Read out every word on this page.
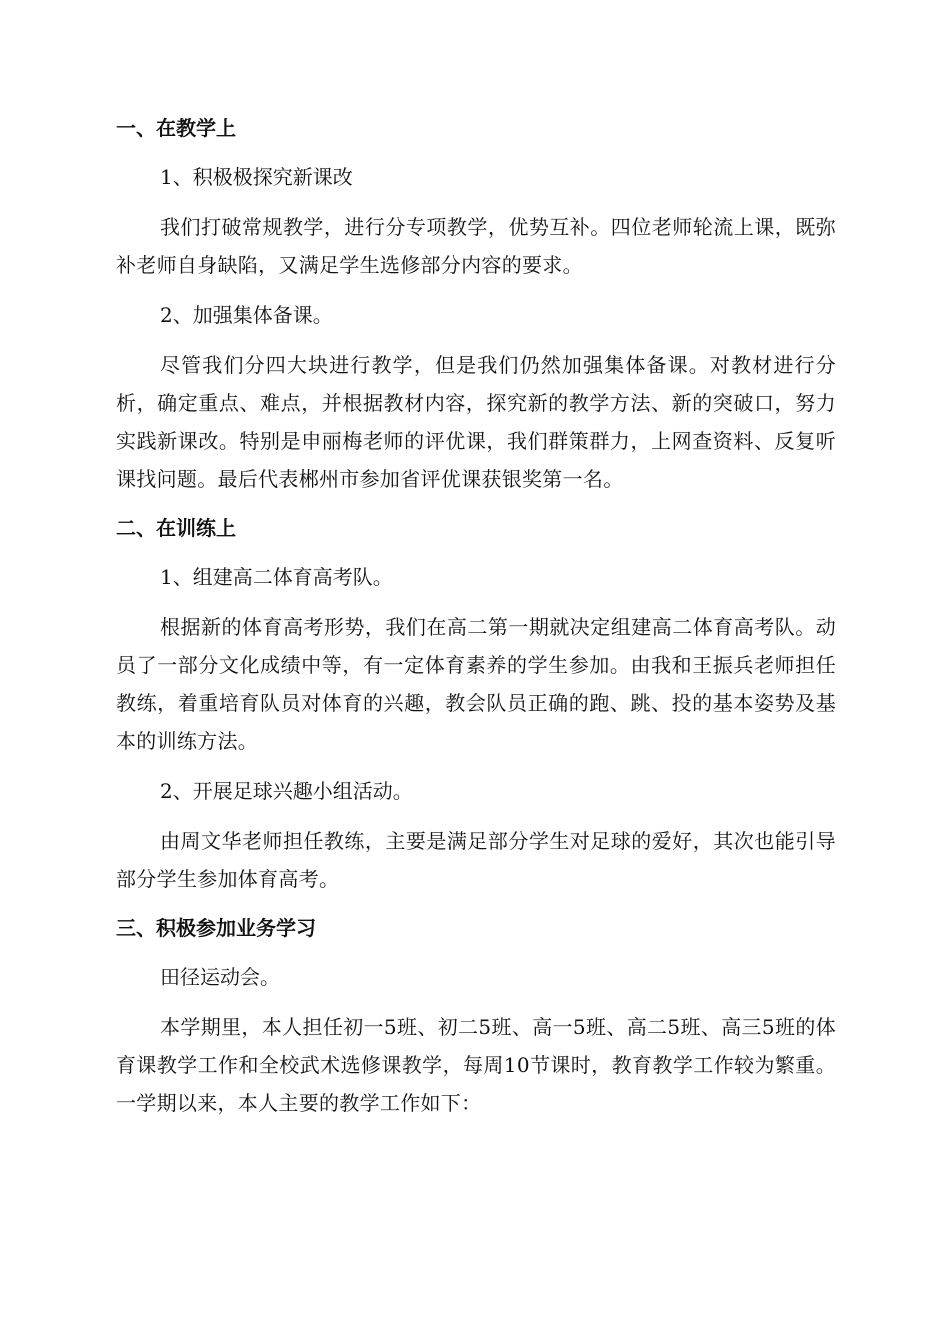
一、在教学上
1、积极极探究新课改
我们打破常规教学，进行分专项教学，优势互补。四位老师轮流上课，既弥补老师自身缺陷，又满足学生选修部分内容的要求。
2、加强集体备课。
尽管我们分四大块进行教学，但是我们仍然加强集体备课。对教材进行分析，确定重点、难点，并根据教材内容，探究新的教学方法、新的突破口，努力实践新课改。特别是申丽梅老师的评优课，我们群策群力，上网查资料、反复听课找问题。最后代表郴州市参加省评优课获银奖第一名。
二、在训练上
1、组建高二体育高考队。
根据新的体育高考形势，我们在高二第一期就决定组建高二体育高考队。动员了一部分文化成绩中等，有一定体育素养的学生参加。由我和王振兵老师担任教练，着重培育队员对体育的兴趣，教会队员正确的跑、跳、投的基本姿势及基本的训练方法。
2、开展足球兴趣小组活动。
由周文华老师担任教练，主要是满足部分学生对足球的爱好，其次也能引导部分学生参加体育高考。
三、积极参加业务学习
田径运动会。
本学期里，本人担任初一5班、初二5班、高一5班、高二5班、高三5班的体育课教学工作和全校武术选修课教学，每周10节课时，教育教学工作较为繁重。一学期以来，本人主要的教学工作如下：
